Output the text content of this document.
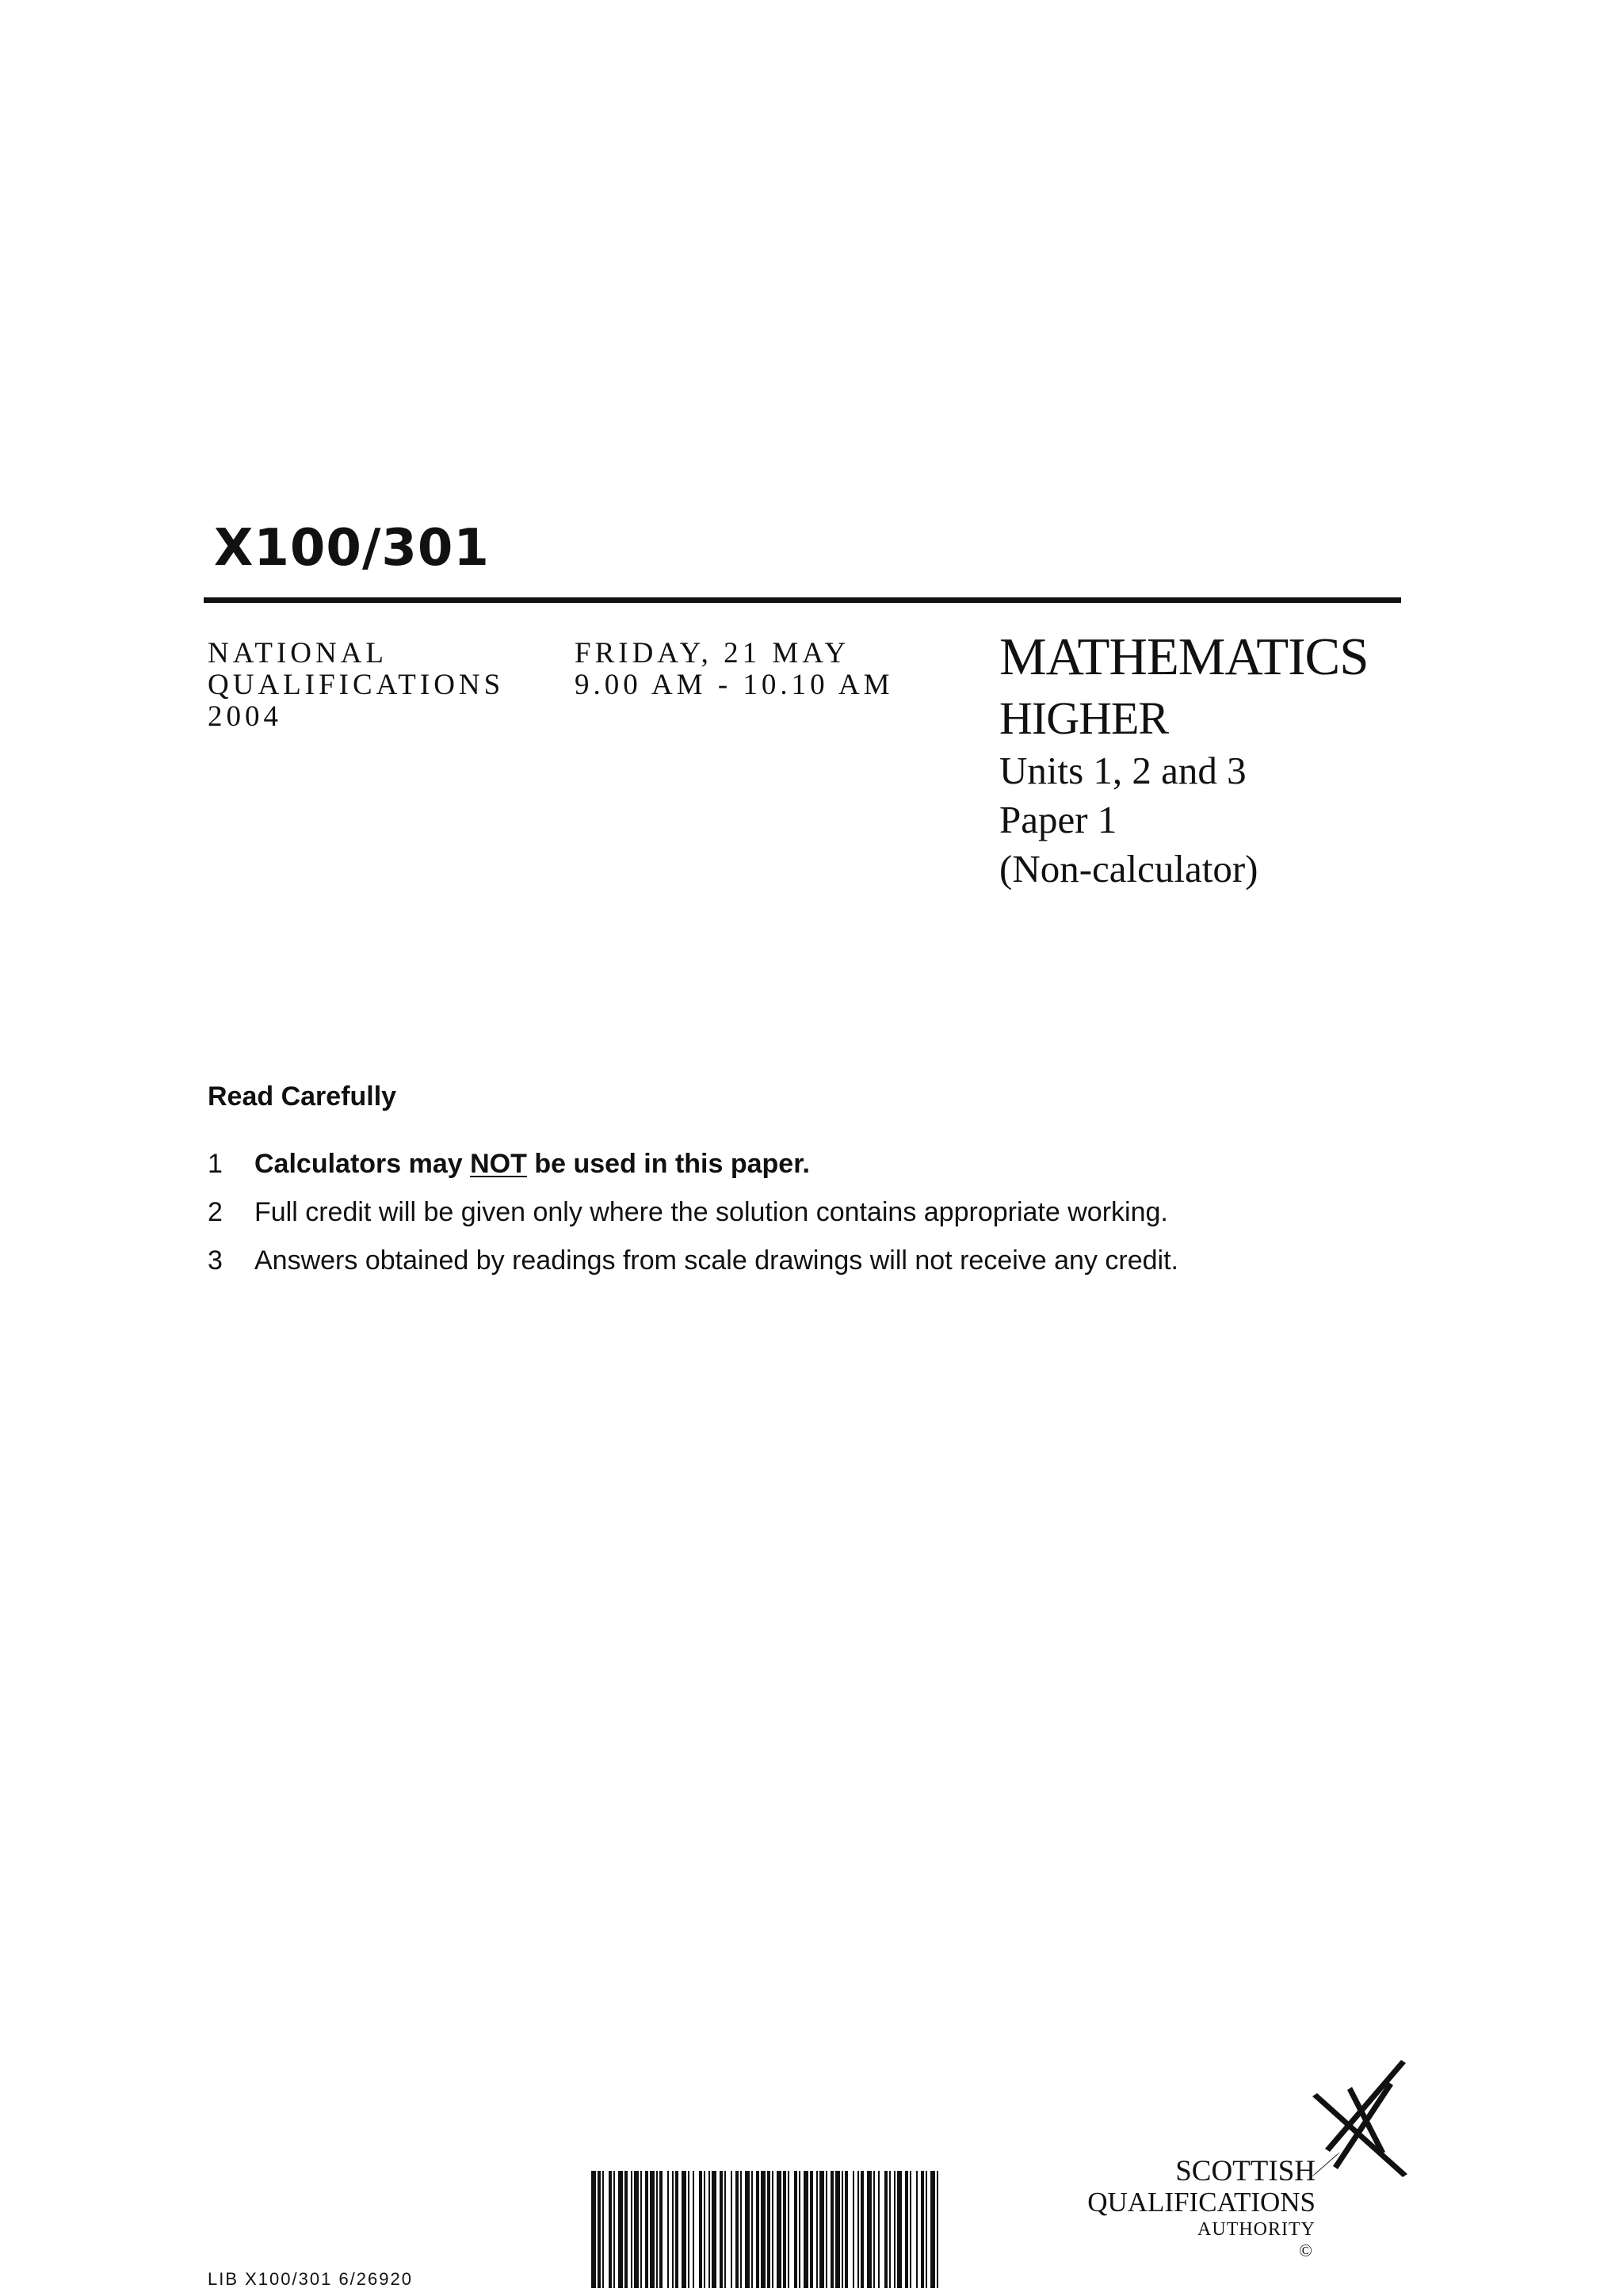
X100/301
NATIONAL
QUALIFICATIONS
2004
FRIDAY, 21 MAY
9.00 AM - 10.10 AM MATHEMATICS
HIGHER
Units 1, 2 and 3
Paper 1
(Non-calculator)
Read Carefully
1 Calculators may NOT be used in this paper.
2 Full credit will be given only where the solution contains appropriate working.
3 Answers obtained by readings from scale drawings will not receive any credit.
LIB X100/301 6/26920
SCOTTISH
QUALIFICATIONS
AUTHORITY
©
